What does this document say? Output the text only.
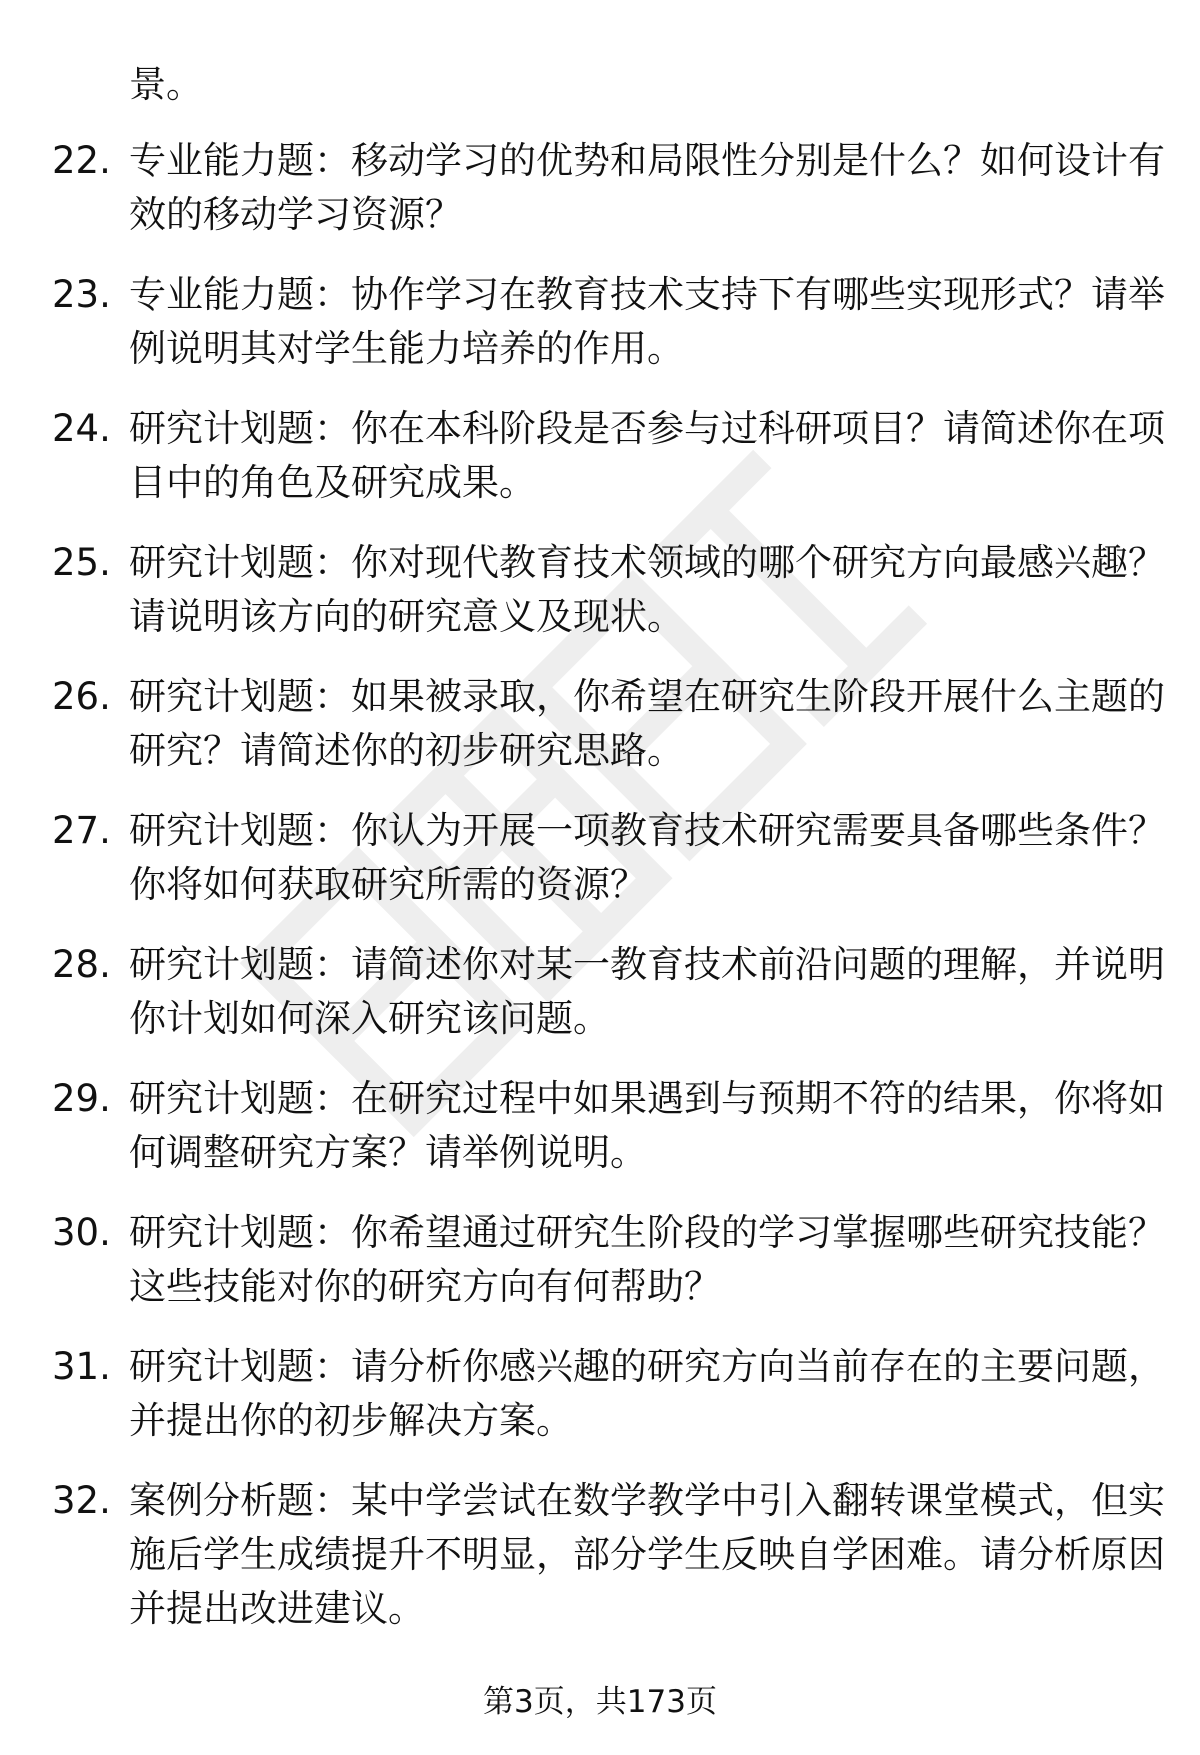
景。
22. 专业能力题：移动学习的优势和局限性分别是什么？如何设计有
效的移动学习资源？
23. 专业能力题：协作学习在教育技术支持下有哪些实现形式？请举
例说明其对学生能力培养的作用。
24. 研究计划题：你在本科阶段是否参与过科研项目？请简述你在项
目中的角色及研究成果。
25. 研究计划题：你对现代教育技术领域的哪个研究方向最感兴趣？
请说明该方向的研究意义及现状。
26. 研究计划题：如果被录取，你希望在研究生阶段开展什么主题的
研究？请简述你的初步研究思路。
27. 研究计划题：你认为开展一项教育技术研究需要具备哪些条件？
你将如何获取研究所需的资源？
28. 研究计划题：请简述你对某一教育技术前沿问题的理解，并说明
你计划如何深入研究该问题。
29. 研究计划题：在研究过程中如果遇到与预期不符的结果，你将如
何调整研究方案？请举例说明。
30. 研究计划题：你希望通过研究生阶段的学习掌握哪些研究技能？
这些技能对你的研究方向有何帮助？
31. 研究计划题：请分析你感兴趣的研究方向当前存在的主要问题，
并提出你的初步解决方案。
32. 案例分析题：某中学尝试在数学教学中引入翻转课堂模式，但实
施后学生成绩提升不明显，部分学生反映自学困难。请分析原因
并提出改进建议。
第3页，共173页
